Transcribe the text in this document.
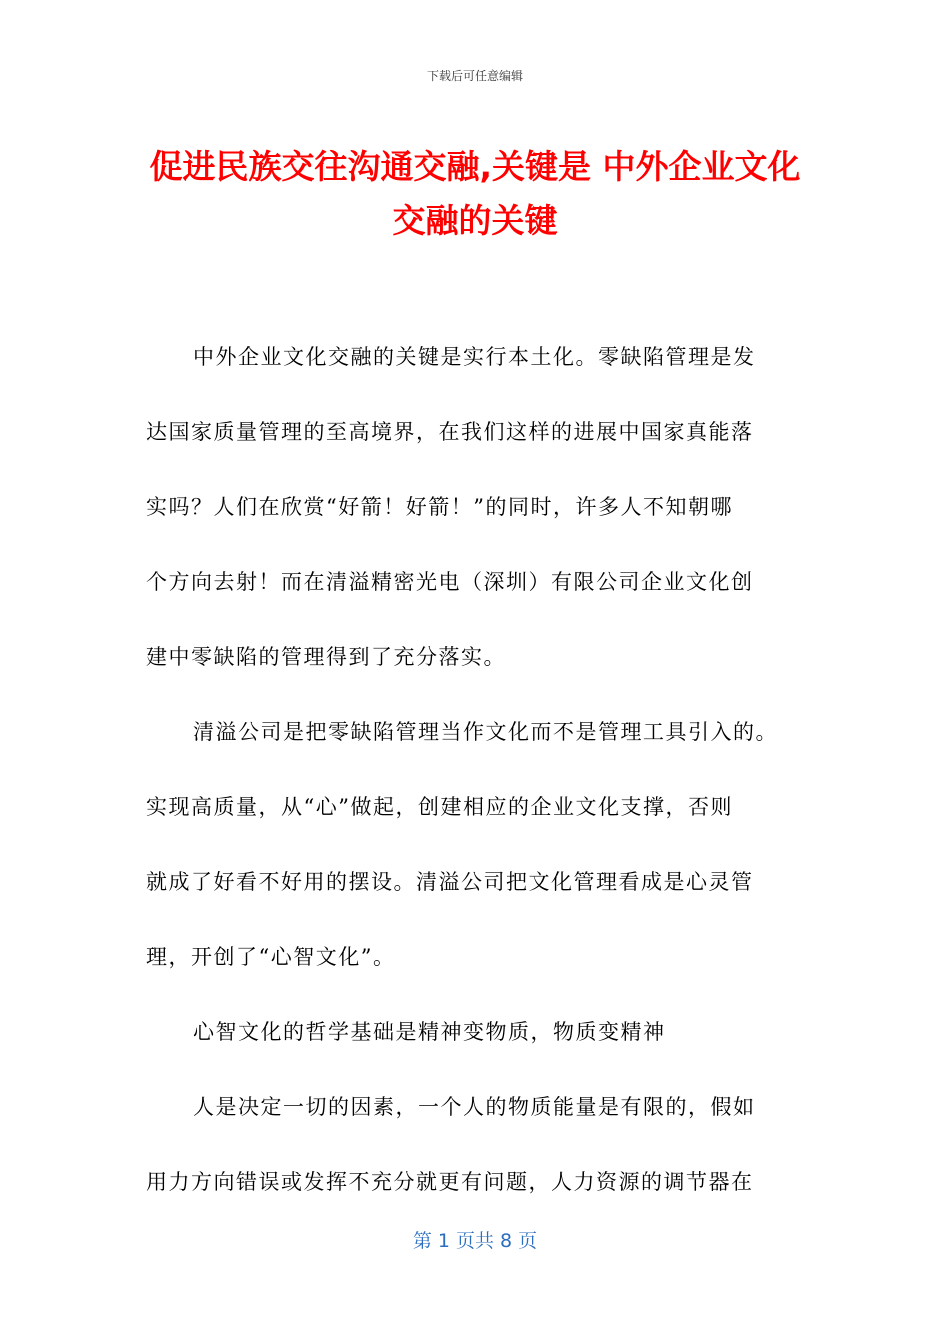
下载后可任意编辑
促进民族交往沟通交融,关键是 中外企业文化
交融的关键
中外企业文化交融的关键是实行本土化。零缺陷管理是发
达国家质量管理的至高境界，在我们这样的进展中国家真能落
实吗？人们在欣赏“好箭！好箭！”的同时，许多人不知朝哪
个方向去射！而在清溢精密光电（深圳）有限公司企业文化创
建中零缺陷的管理得到了充分落实。
清溢公司是把零缺陷管理当作文化而不是管理工具引入的。
实现高质量，从“心”做起，创建相应的企业文化支撑，否则
就成了好看不好用的摆设。清溢公司把文化管理看成是心灵管
理，开创了“心智文化”。
心智文化的哲学基础是精神变物质，物质变精神
人是决定一切的因素，一个人的物质能量是有限的，假如
用力方向错误或发挥不充分就更有问题，人力资源的调节器在
第 1 页共 8 页
